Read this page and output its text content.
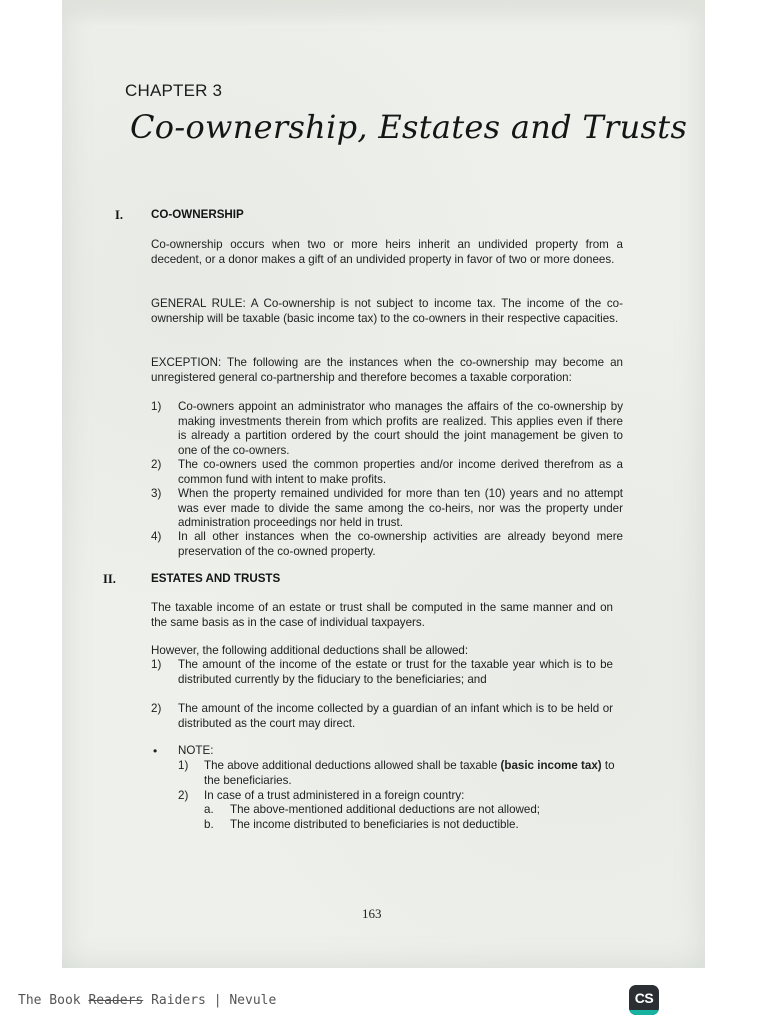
CHAPTER 3
Co-ownership, Estates and Trusts
I. CO-OWNERSHIP
Co-ownership occurs when two or more heirs inherit an undivided property from a decedent, or a donor makes a gift of an undivided property in favor of two or more donees.
GENERAL RULE: A Co-ownership is not subject to income tax. The income of the co-ownership will be taxable (basic income tax) to the co-owners in their respective capacities.
EXCEPTION: The following are the instances when the co-ownership may become an unregistered general co-partnership and therefore becomes a taxable corporation:
1) Co-owners appoint an administrator who manages the affairs of the co-ownership by making investments therein from which profits are realized. This applies even if there is already a partition ordered by the court should the joint management be given to one of the co-owners.
2) The co-owners used the common properties and/or income derived therefrom as a common fund with intent to make profits.
3) When the property remained undivided for more than ten (10) years and no attempt was ever made to divide the same among the co-heirs, nor was the property under administration proceedings nor held in trust.
4) In all other instances when the co-ownership activities are already beyond mere preservation of the co-owned property.
II.	ESTATES AND TRUSTS
The taxable income of an estate or trust shall be computed in the same manner and on the same basis as in the case of individual taxpayers.
However, the following additional deductions shall be allowed:
1) The amount of the income of the estate or trust for the taxable year which is to be distributed currently by the fiduciary to the beneficiaries; and
2) The amount of the income collected by a guardian of an infant which is to be held or distributed as the court may direct.
• NOTE:
1) The above additional deductions allowed shall be taxable (basic income tax) to the beneficiaries.
2) In case of a trust administered in a foreign country:
a. The above-mentioned additional deductions are not allowed;
b. The income distributed to beneficiaries is not deductible.
163
The Book Readers Raiders | Nevule	CS
